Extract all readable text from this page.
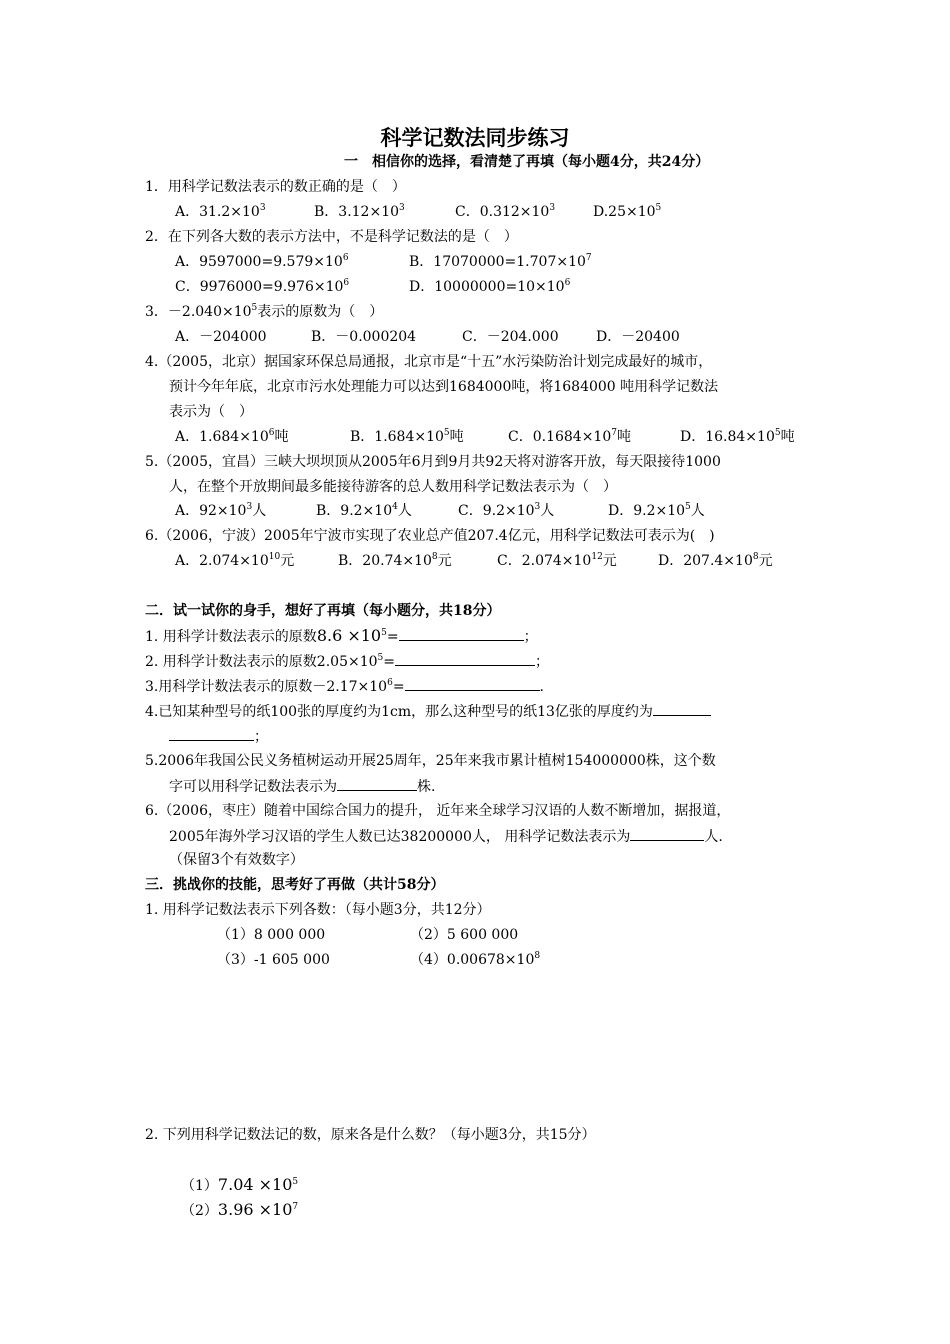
科学记数法同步练习
一　相信你的选择，看清楚了再填（每小题4分，共24分）
1．用科学记数法表示的数正确的是（　）
A．$31.2\times 10^3$	B．$3.12\times 10^3$	C．$0.312\times 10^3$	$D.25\times 10^5$
2．在下列各大数的表示方法中，不是科学记数法的是（　）
A．$9597000=9.579\times 10^6$	B．$17070000=1.707\times 10^7$
C．$9976000=9.976\times 10^6$	D．$10000000=10\times 10^6$
3．$-2.040\times 10^5$表示的原数为（　）
A．－204000	B．－0.000204	C．－204.000	D．－20400
4.（2005，北京）据国家环保总局通报，北京市是“十五”水污染防治计划完成最好的城市，
预计今年年底，北京市污水处理能力可以达到1684000吨，将1684000 吨用科学记数法
表示为（　）
A．$1.684\times 10^6$吨	B．$1.684\times 10^5$吨	C．$0.1684\times 10^7$吨	D．$16.84\times 10^5$吨
5.（2005，宜昌）三峡大坝坝顶从2005年6月到9月共92天将对游客开放，每天限接待1000
人，在整个开放期间最多能接待游客的总人数用科学记数法表示为（　）
A．$92\times 10^3$人	B．$9.2\times 10^4$人	C．$9.2\times 10^3$人	D．$9.2\times 10^5$人
6.（2006，宁波）2005年宁波市实现了农业总产值207.4亿元，用科学记数法可表示为(　)
A．$2.074\times 10^{10}$元	B．$20.74\times 10^8$元	C．$2.074\times 10^{12}$元	D．$207.4\times 10^8$元
二．试一试你的身手，想好了再填（每小题分，共18分）
1. 用科学计数法表示的原数$8.6 \times 10^5=$	；
2. 用科学计数法表示的原数$2.05\times 10^5=$	；
3.用科学计数法表示的原数$-2.17\times 10^6=$	.
4.已知某种型号的纸100张的厚度约为1cm，那么这种型号的纸13亿张的厚度约为
；
5.2006年我国公民义务植树运动开展25周年，25年来我市累计植树154000000株，这个数
字可以用科学记数法表示为	株.
6.（2006，枣庄）随着中国综合国力的提升， 近年来全球学习汉语的人数不断增加，据报道，
2005年海外学习汉语的学生人数已达38200000人， 用科学记数法表示为	人.
（保留3个有效数字）
三．挑战你的技能，思考好了再做（共计58分）
1. 用科学记数法表示下列各数：（每小题3分，共12分）
（1）8 000 000	（2）5 600 000
（3）-1 605 000	$(4)0.00678\times 10^8$
2. 下列用科学记数法记的数，原来各是什么数？（每小题3分，共15分）
$(1)7.04 \times 10^5$
$(2)3.96 \times 10^7$
